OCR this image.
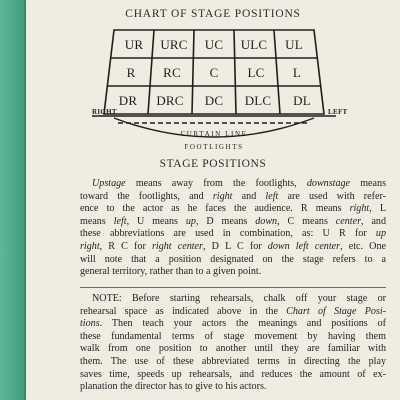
CHART OF STAGE POSITIONS
UR URC UC ULC UL
R RC C LC L
DR DRC DC DLC DL
RIGHT	LEFT
CURTAIN LINE
FOOTLIGHTS
STAGE POSITIONS
Upstage means away from the footlights, downstage means
toward the footlights, and right and left are used with refer-
ence to the actor as he faces the audience. R means right, L
means left, U means up, D means down, C means center, and
these abbreviations are used in combination, as: U R for up
right, R C for right center, D L C for down left center, etc. One
will note that a position designated on the stage refers to a
general territory, rather than to a given point.
NOTE: Before starting rehearsals, chalk off your stage or
rehearsal space as indicated above in the Chart of Stage Posi-
tions. Then teach your actors the meanings and positions of
these fundamental terms of stage movement by having them
walk from one position to another until they are familiar with
them. The use of these abbreviated terms in directing the play
saves time, speeds up rehearsals, and reduces the amount of ex-
planation the director has to give to his actors.
